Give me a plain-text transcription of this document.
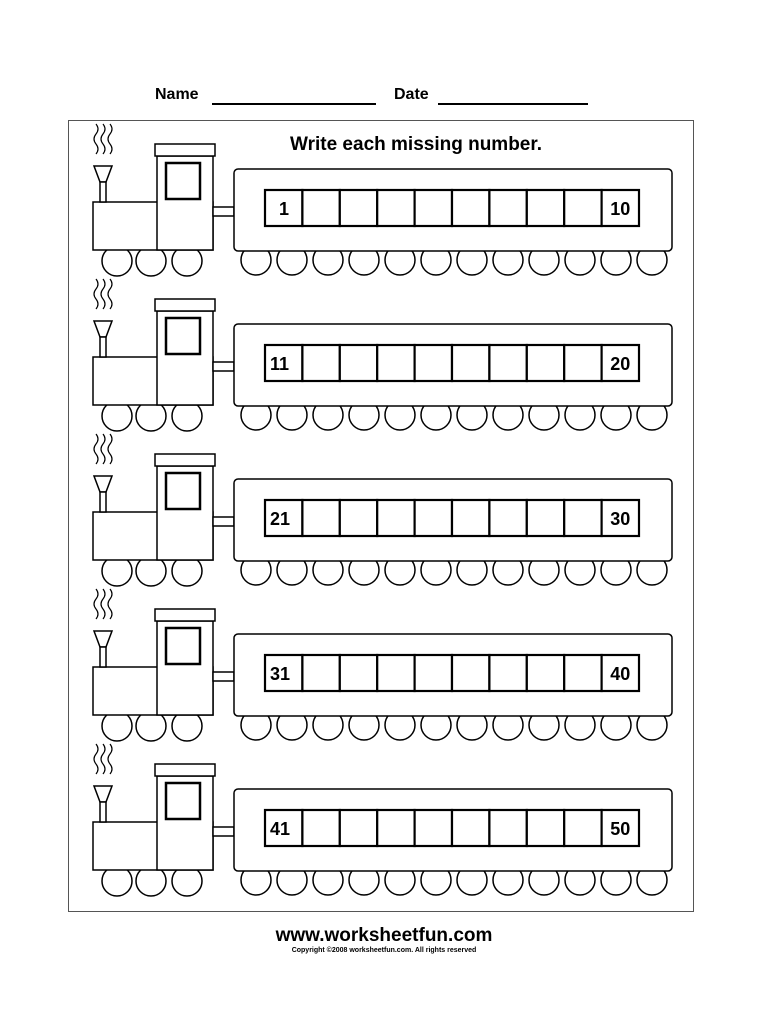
Name	Date
Write each missing number.
1	10
11	20
21	30
31	40
41	50
www.worksheetfun.com
Copyright ©2008 worksheetfun.com. All rights reserved
